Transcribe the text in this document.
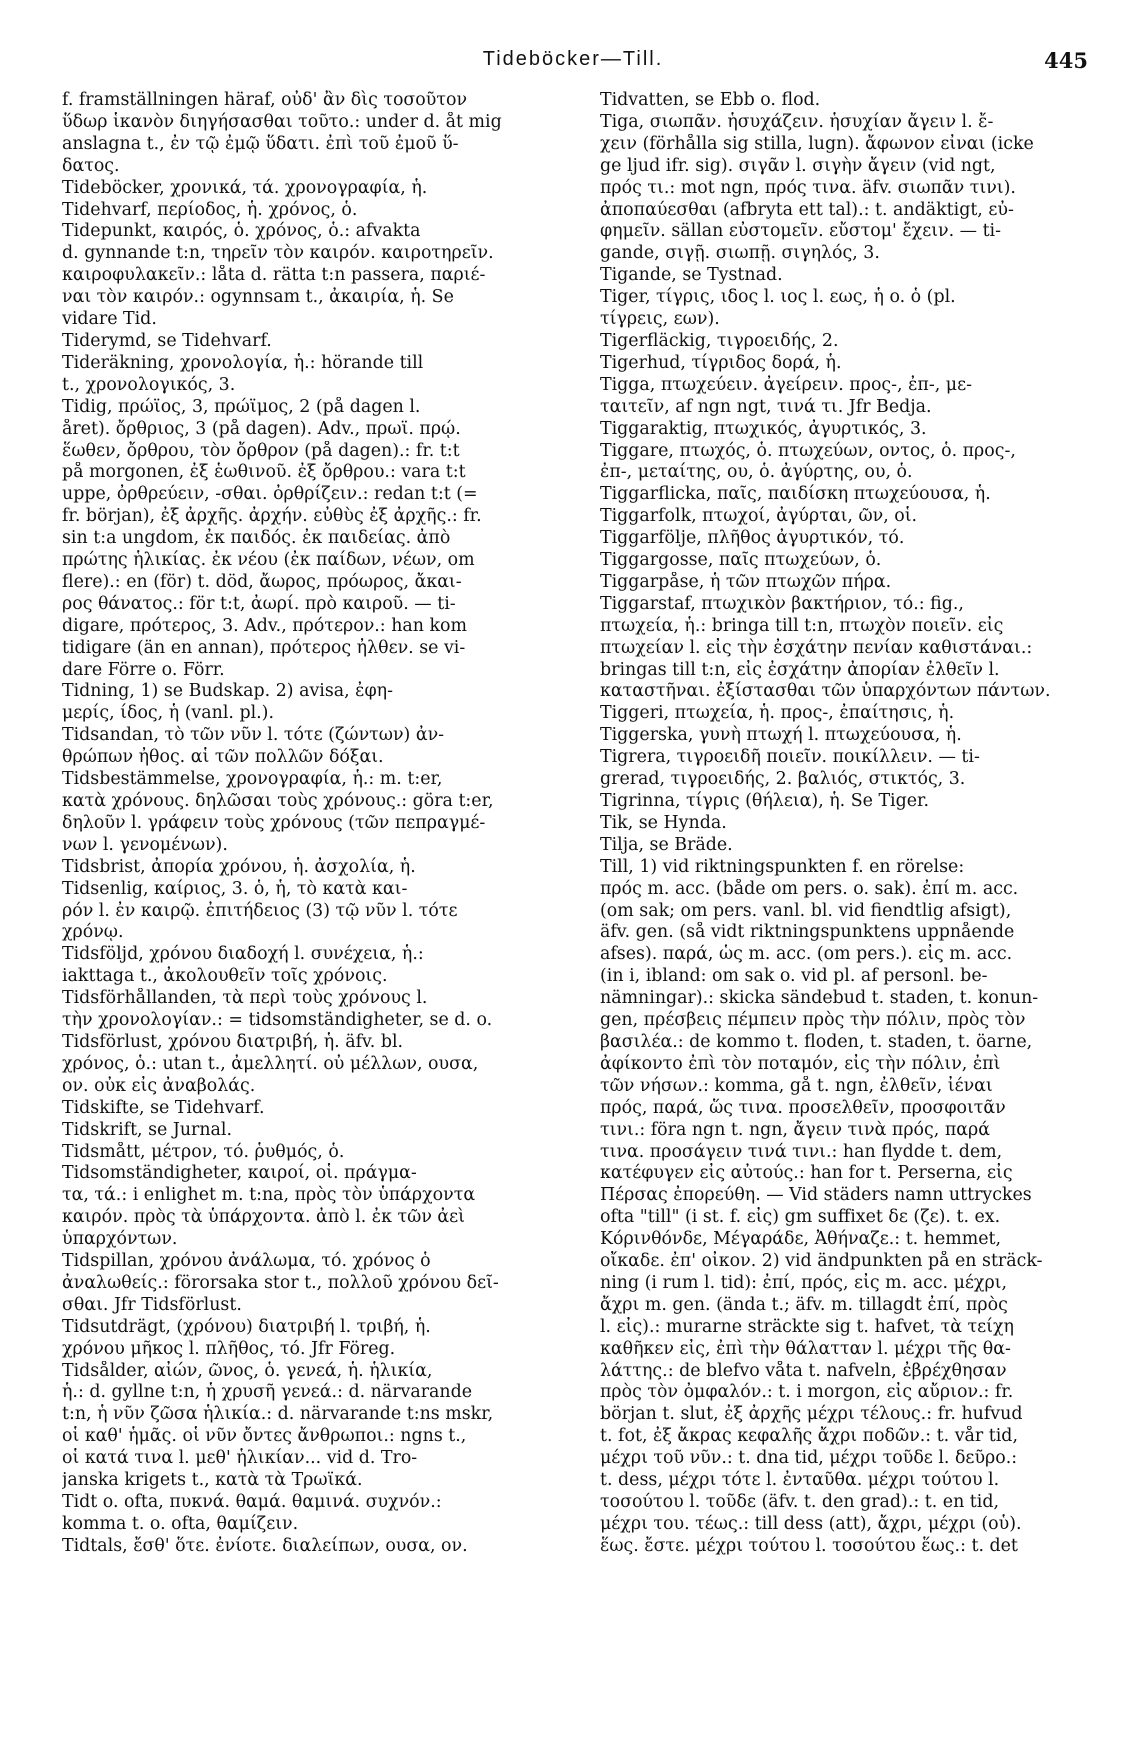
Tideböcker—Till.	445

f. framställningen häraf, οὐδ' ἂν δὶς τοσοῦτον

ὕδωρ ἱκανὸν διηγήσασθαι τοῦτο.: under d. åt mig

anslagna t., ἐν τῷ ἐμῷ ὕδατι. ἐπὶ τοῦ ἐμοῦ ὕ-

δατος.

Tideböcker, χρονικά, τά. χρονογραφία, ἡ.

Tidehvarf, περίοδος, ἡ. χρόνος, ὁ.

Tidepunkt, καιρός, ὁ. χρόνος, ὁ.: afvakta

d. gynnande t:n, τηρεῖν τὸν καιρόν. καιροτηρεῖν.

καιροφυλακεῖν.: låta d. rätta t:n passera, παριέ-

ναι τὸν καιρόν.: ogynnsam t., ἀκαιρία, ἡ. Se

vidare Tid.

Tiderymd, se Tidehvarf.

Tideräkning, χρονολογία, ἡ.: hörande till

t., χρονολογικός, 3.

Tidig, πρώϊος, 3, πρώϊμος, 2 (på dagen l.

året). ὄρθριος, 3 (på dagen). Adv., πρωΐ. πρῴ.

ἕωθεν, ὄρθρου, τὸν ὄρθρον (på dagen).: fr. t:t

på morgonen, ἐξ ἑωθινοῦ. ἐξ ὄρθρου.: vara t:t

uppe, ὀρθρεύειν, -σθαι. ὀρθρίζειν.: redan t:t (=

fr. början), ἐξ ἀρχῆς. ἀρχήν. εὐθὺς ἐξ ἀρχῆς.: fr.

sin t:a ungdom, ἐκ παιδός. ἐκ παιδείας. ἀπὸ

πρώτης ἡλικίας. ἐκ νέου (ἐκ παίδων, νέων, om

flere).: en (för) t. död, ἄωρος, πρόωρος, ἄκαι-

ρος θάνατος.: för t:t, ἀωρί. πρὸ καιροῦ. — ti-

digare, πρότερος, 3. Adv., πρότερον.: han kom

tidigare (än en annan), πρότερος ἦλθεν. se vi-

dare Förre o. Förr.

Tidning, 1) se Budskap. 2) avisa, ἐφη-

μερίς, ίδος, ἡ (vanl. pl.).

Tidsandan, τὸ τῶν νῦν l. τότε (ζώντων) ἀν-

θρώπων ἦθος. αἱ τῶν πολλῶν δόξαι.

Tidsbestämmelse, χρονογραφία, ἡ.: m. t:er,

κατὰ χρόνους. δηλῶσαι τοὺς χρόνους.: göra t:er,

δηλοῦν l. γράφειν τοὺς χρόνους (τῶν πεπραγμέ-

νων l. γενομένων).

Tidsbrist, ἀπορία χρόνου, ἡ. ἀσχολία, ἡ.

Tidsenlig, καίριος, 3. ὁ, ἡ, τὸ κατὰ και-

ρόν l. ἐν καιρῷ. ἐπιτήδειος (3) τῷ νῦν l. τότε

χρόνῳ.

Tidsföljd, χρόνου διαδοχή l. συνέχεια, ἡ.:

iakttaga t., ἀκολουθεῖν τοῖς χρόνοις.

Tidsförhållanden, τὰ περὶ τοὺς χρόνους l.

τὴν χρονολογίαν.: = tidsomständigheter, se d. o.

Tidsförlust, χρόνου διατριβή, ἡ. äfv. bl.

χρόνος, ὁ.: utan t., ἀμελλητί. οὐ μέλλων, ουσα,

ον. οὐκ εἰς ἀναβολάς.

Tidskifte, se Tidehvarf.

Tidskrift, se Jurnal.

Tidsmått, μέτρον, τό. ῥυθμός, ὁ.

Tidsomständigheter, καιροί, οἱ. πράγμα-

τα, τά.: i enlighet m. t:na, πρὸς τὸν ὑπάρχοντα

καιρόν. πρὸς τὰ ὑπάρχοντα. ἀπὸ l. ἐκ τῶν ἀεὶ

ὑπαρχόντων.

Tidspillan, χρόνου ἀνάλωμα, τό. χρόνος ὁ

ἀναλωθείς.: förorsaka stor t., πολλοῦ χρόνου δεῖ-

σθαι. Jfr Tidsförlust.

Tidsutdrägt, (χρόνου) διατριβή l. τριβή, ἡ.

χρόνου μῆκος l. πλῆθος, τό. Jfr Föreg.

Tidsålder, αἰών, ῶνος, ὁ. γενεά, ἡ. ἡλικία,

ἡ.: d. gyllne t:n, ἡ χρυσῆ γενεά.: d. närvarande

t:n, ἡ νῦν ζῶσα ἡλικία.: d. närvarande t:ns mskr,

οἱ καθ' ἡμᾶς. οἱ νῦν ὄντες ἄνθρωποι.: ngns t.,

οἱ κατά τινα l. μεθ' ἡλικίαν... vid d. Tro-

janska krigets t., κατὰ τὰ Τρωϊκά.

Tidt o. ofta, πυκνά. θαμά. θαμινά. συχνόν.:

komma t. o. ofta, θαμίζειν.

Tidtals, ἔσθ' ὅτε. ἐνίοτε. διαλείπων, ουσα, ον.

Tidvatten, se Ebb o. flod.

Tiga, σιωπᾶν. ἡσυχάζειν. ἡσυχίαν ἄγειν l. ἔ-

χειν (förhålla sig stilla, lugn). ἄφωνον εἶναι (icke

ge ljud ifr. sig). σιγᾶν l. σιγὴν ἄγειν (vid ngt,

πρός τι.: mot ngn, πρός τινα. äfv. σιωπᾶν τινι).

ἀποπαύεσθαι (afbryta ett tal).: t. andäktigt, εὐ-

φημεῖν. sällan εὐστομεῖν. εὔστομ' ἔχειν. — ti-

gande, σιγῇ. σιωπῇ. σιγηλός, 3.

Tigande, se Tystnad.

Tiger, τίγρις, ιδος l. ιος l. εως, ἡ o. ὁ (pl.

τίγρεις, εων).

Tigerfläckig, τιγροειδής, 2.

Tigerhud, τίγριδος δορά, ἡ.

Tigga, πτωχεύειν. ἀγείρειν. προς-, ἐπ-, με-

ταιτεῖν, af ngn ngt, τινά τι. Jfr Bedja.

Tiggaraktig, πτωχικός, ἀγυρτικός, 3.

Tiggare, πτωχός, ὁ. πτωχεύων, οντος, ὁ. προς-,

ἐπ-, μεταίτης, ου, ὁ. ἀγύρτης, ου, ὁ.

Tiggarflicka, παῖς, παιδίσκη πτωχεύουσα, ἡ.

Tiggarfolk, πτωχοί, ἀγύρται, ῶν, οἱ.

Tiggarfölje, πλῆθος ἀγυρτικόν, τό.

Tiggargosse, παῖς πτωχεύων, ὁ.

Tiggarpåse, ἡ τῶν πτωχῶν πήρα.

Tiggarstaf, πτωχικὸν βακτήριον, τό.: fig.,

πτωχεία, ἡ.: bringa till t:n, πτωχὸν ποιεῖν. εἰς

πτωχείαν l. εἰς τὴν ἐσχάτην πενίαν καθιστάναι.:

bringas till t:n, εἰς ἐσχάτην ἀπορίαν ἐλθεῖν l.

καταστῆναι. ἐξίστασθαι τῶν ὑπαρχόντων πάντων.

Tiggeri, πτωχεία, ἡ. προς-, ἐπαίτησις, ἡ.

Tiggerska, γυνὴ πτωχή l. πτωχεύουσα, ἡ.

Tigrera, τιγροειδῆ ποιεῖν. ποικίλλειν. — ti-

grerad, τιγροειδής, 2. βαλιός, στικτός, 3.

Tigrinna, τίγρις (θήλεια), ἡ. Se Tiger.

Tik, se Hynda.

Tilja, se Bräde.

Till, 1) vid riktningspunkten f. en rörelse:

πρός m. acc. (både om pers. o. sak). ἐπί m. acc.

(om sak; om pers. vanl. bl. vid fiendtlig afsigt),

äfv. gen. (så vidt riktningspunktens uppnående

afses). παρά, ὡς m. acc. (om pers.). εἰς m. acc.

(in i, ibland: om sak o. vid pl. af personl. be-

nämningar).: skicka sändebud t. staden, t. konun-

gen, πρέσβεις πέμπειν πρὸς τὴν πόλιν, πρὸς τὸν

βασιλέα.: de kommo t. floden, t. staden, t. öarne,

ἀφίκοντο ἐπὶ τὸν ποταμόν, εἰς τὴν πόλιν, ἐπὶ

τῶν νήσων.: komma, gå t. ngn, ἐλθεῖν, ἰέναι

πρός, παρά, ὥς τινα. προσελθεῖν, προσφοιτᾶν

τινι.: föra ngn t. ngn, ἄγειν τινὰ πρός, παρά

τινα. προσάγειν τινά τινι.: han flydde t. dem,

κατέφυγεν εἰς αὐτούς.: han for t. Perserna, εἰς

Πέρσας ἐπορεύθη. — Vid städers namn uttryckes

ofta "till" (i st. f. εἰς) gm suffixet δε (ζε). t. ex.

Κόρινθόνδε, Μέγαράδε, Ἀθήναζε.: t. hemmet,

οἴκαδε. ἐπ' οἶκον. 2) vid ändpunkten på en sträck-

ning (i rum l. tid): ἐπί, πρός, εἰς m. acc. μέχρι,

ἄχρι m. gen. (ända t.; äfv. m. tillagdt ἐπί, πρὸς

l. εἰς).: murarne sträckte sig t. hafvet, τὰ τείχη

καθῆκεν εἰς, ἐπὶ τὴν θάλατταν l. μέχρι τῆς θα-

λάττης.: de blefvo våta t. nafveln, ἐβρέχθησαν

πρὸς τὸν ὀμφαλόν.: t. i morgon, εἰς αὔριον.: fr.

början t. slut, ἐξ ἀρχῆς μέχρι τέλους.: fr. hufvud

t. fot, ἐξ ἄκρας κεφαλῆς ἄχρι ποδῶν.: t. vår tid,

μέχρι τοῦ νῦν.: t. dna tid, μέχρι τοῦδε l. δεῦρο.:

t. dess, μέχρι τότε l. ἐνταῦθα. μέχρι τούτου l.

τοσούτου l. τοῦδε (äfv. t. den grad).: t. en tid,

μέχρι του. τέως.: till dess (att), ἄχρι, μέχρι (οὗ).

ἕως. ἔστε. μέχρι τούτου l. τοσούτου ἕως.: t. det
